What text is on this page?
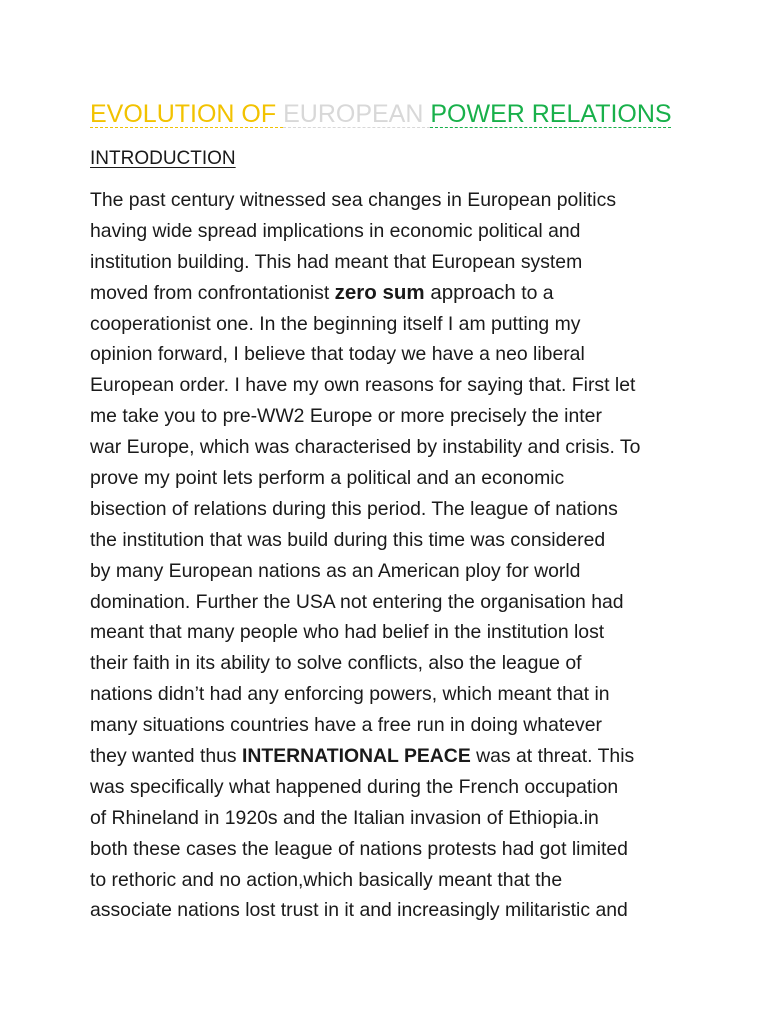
EVOLUTION OF EUROPEAN POWER RELATIONS
INTRODUCTION
The past century witnessed sea changes in European politics
having wide spread implications in economic political and
institution building. This had meant that European system
moved from confrontationist zero sum approach to a
cooperationist one. In the beginning itself I am putting my
opinion forward, I believe that today we have a neo liberal
European order. I have my own reasons for saying that. First let
me take you to pre-WW2 Europe or more precisely the inter
war Europe, which was characterised by instability and crisis. To
prove my point lets perform a political and an economic
bisection of relations during this period. The league of nations
the institution that was build during this time was considered
by many European nations as an American ploy for world
domination. Further the USA not entering the organisation had
meant that many people who had belief in the institution lost
their faith in its ability to solve conflicts, also the league of
nations didn’t had any enforcing powers, which meant that in
many situations countries have a free run in doing whatever
they wanted thus INTERNATIONAL PEACE was at threat. This
was specifically what happened during the French occupation
of Rhineland in 1920s and the Italian invasion of Ethiopia.in
both these cases the league of nations protests had got limited
to rethoric and no action,which basically meant that the
associate nations lost trust in it and increasingly militaristic and
